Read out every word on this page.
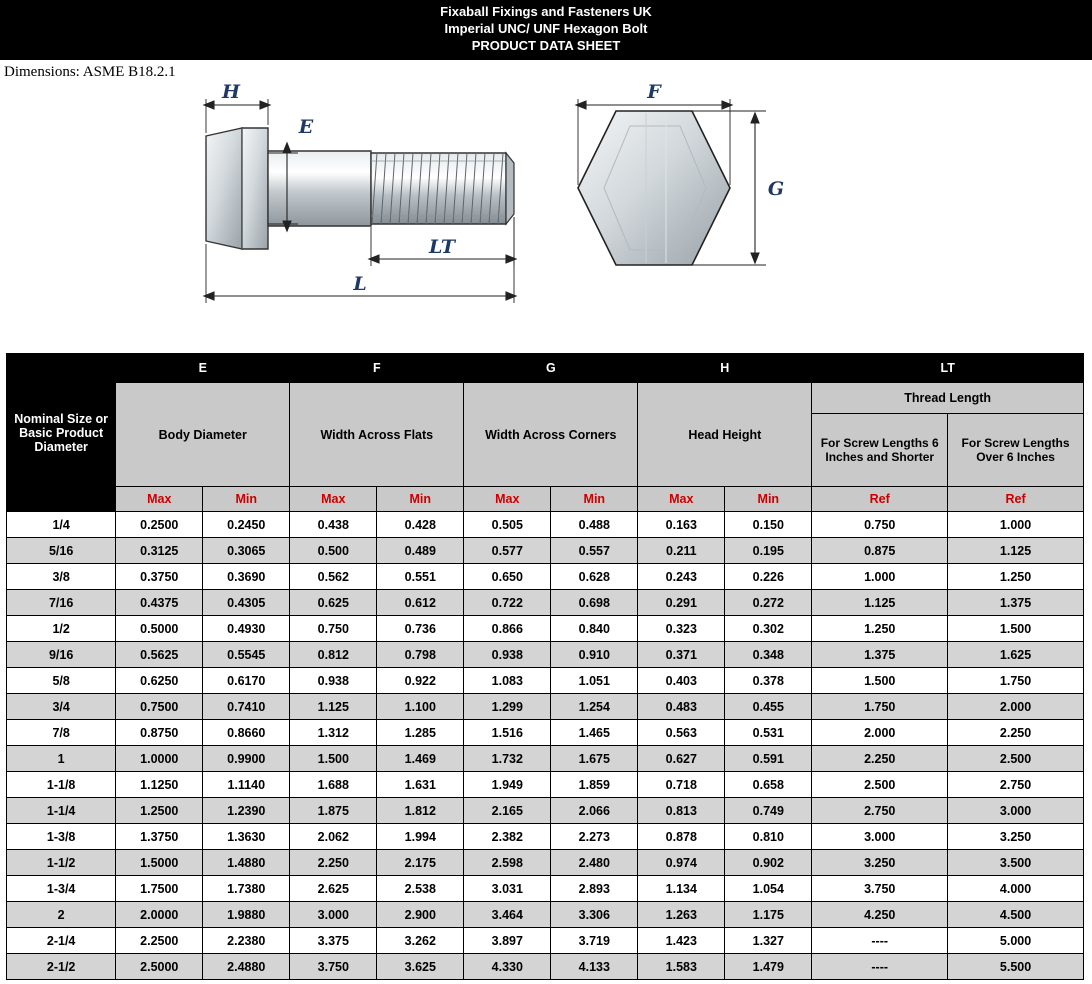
Fixaball Fixings and Fasteners UK
Imperial UNC/ UNF Hexagon Bolt
PRODUCT DATA SHEET
Dimensions: ASME B18.2.1
H
E
LT
L
F
G
Nominal Size or Basic Product Diameter	E		F		G		H		LT	
	Body Diameter		Width Across Flats		Width Across Corners		Head Height		Thread Length	
									For Screw Lengths 6 Inches and Shorter	For Screw Lengths Over 6 Inches
	Max	Min	Max	Min	Max	Min	Max	Min	Ref	Ref
1/4	0.2500	0.2450	0.438	0.428	0.505	0.488	0.163	0.150	0.750	1.000
5/16	0.3125	0.3065	0.500	0.489	0.577	0.557	0.211	0.195	0.875	1.125
3/8	0.3750	0.3690	0.562	0.551	0.650	0.628	0.243	0.226	1.000	1.250
7/16	0.4375	0.4305	0.625	0.612	0.722	0.698	0.291	0.272	1.125	1.375
1/2	0.5000	0.4930	0.750	0.736	0.866	0.840	0.323	0.302	1.250	1.500
9/16	0.5625	0.5545	0.812	0.798	0.938	0.910	0.371	0.348	1.375	1.625
5/8	0.6250	0.6170	0.938	0.922	1.083	1.051	0.403	0.378	1.500	1.750
3/4	0.7500	0.7410	1.125	1.100	1.299	1.254	0.483	0.455	1.750	2.000
7/8	0.8750	0.8660	1.312	1.285	1.516	1.465	0.563	0.531	2.000	2.250
1	1.0000	0.9900	1.500	1.469	1.732	1.675	0.627	0.591	2.250	2.500
1-1/8	1.1250	1.1140	1.688	1.631	1.949	1.859	0.718	0.658	2.500	2.750
1-1/4	1.2500	1.2390	1.875	1.812	2.165	2.066	0.813	0.749	2.750	3.000
1-3/8	1.3750	1.3630	2.062	1.994	2.382	2.273	0.878	0.810	3.000	3.250
1-1/2	1.5000	1.4880	2.250	2.175	2.598	2.480	0.974	0.902	3.250	3.500
1-3/4	1.7500	1.7380	2.625	2.538	3.031	2.893	1.134	1.054	3.750	4.000
2	2.0000	1.9880	3.000	2.900	3.464	3.306	1.263	1.175	4.250	4.500
2-1/4	2.2500	2.2380	3.375	3.262	3.897	3.719	1.423	1.327	----	5.000
2-1/2	2.5000	2.4880	3.750	3.625	4.330	4.133	1.583	1.479	----	5.500
